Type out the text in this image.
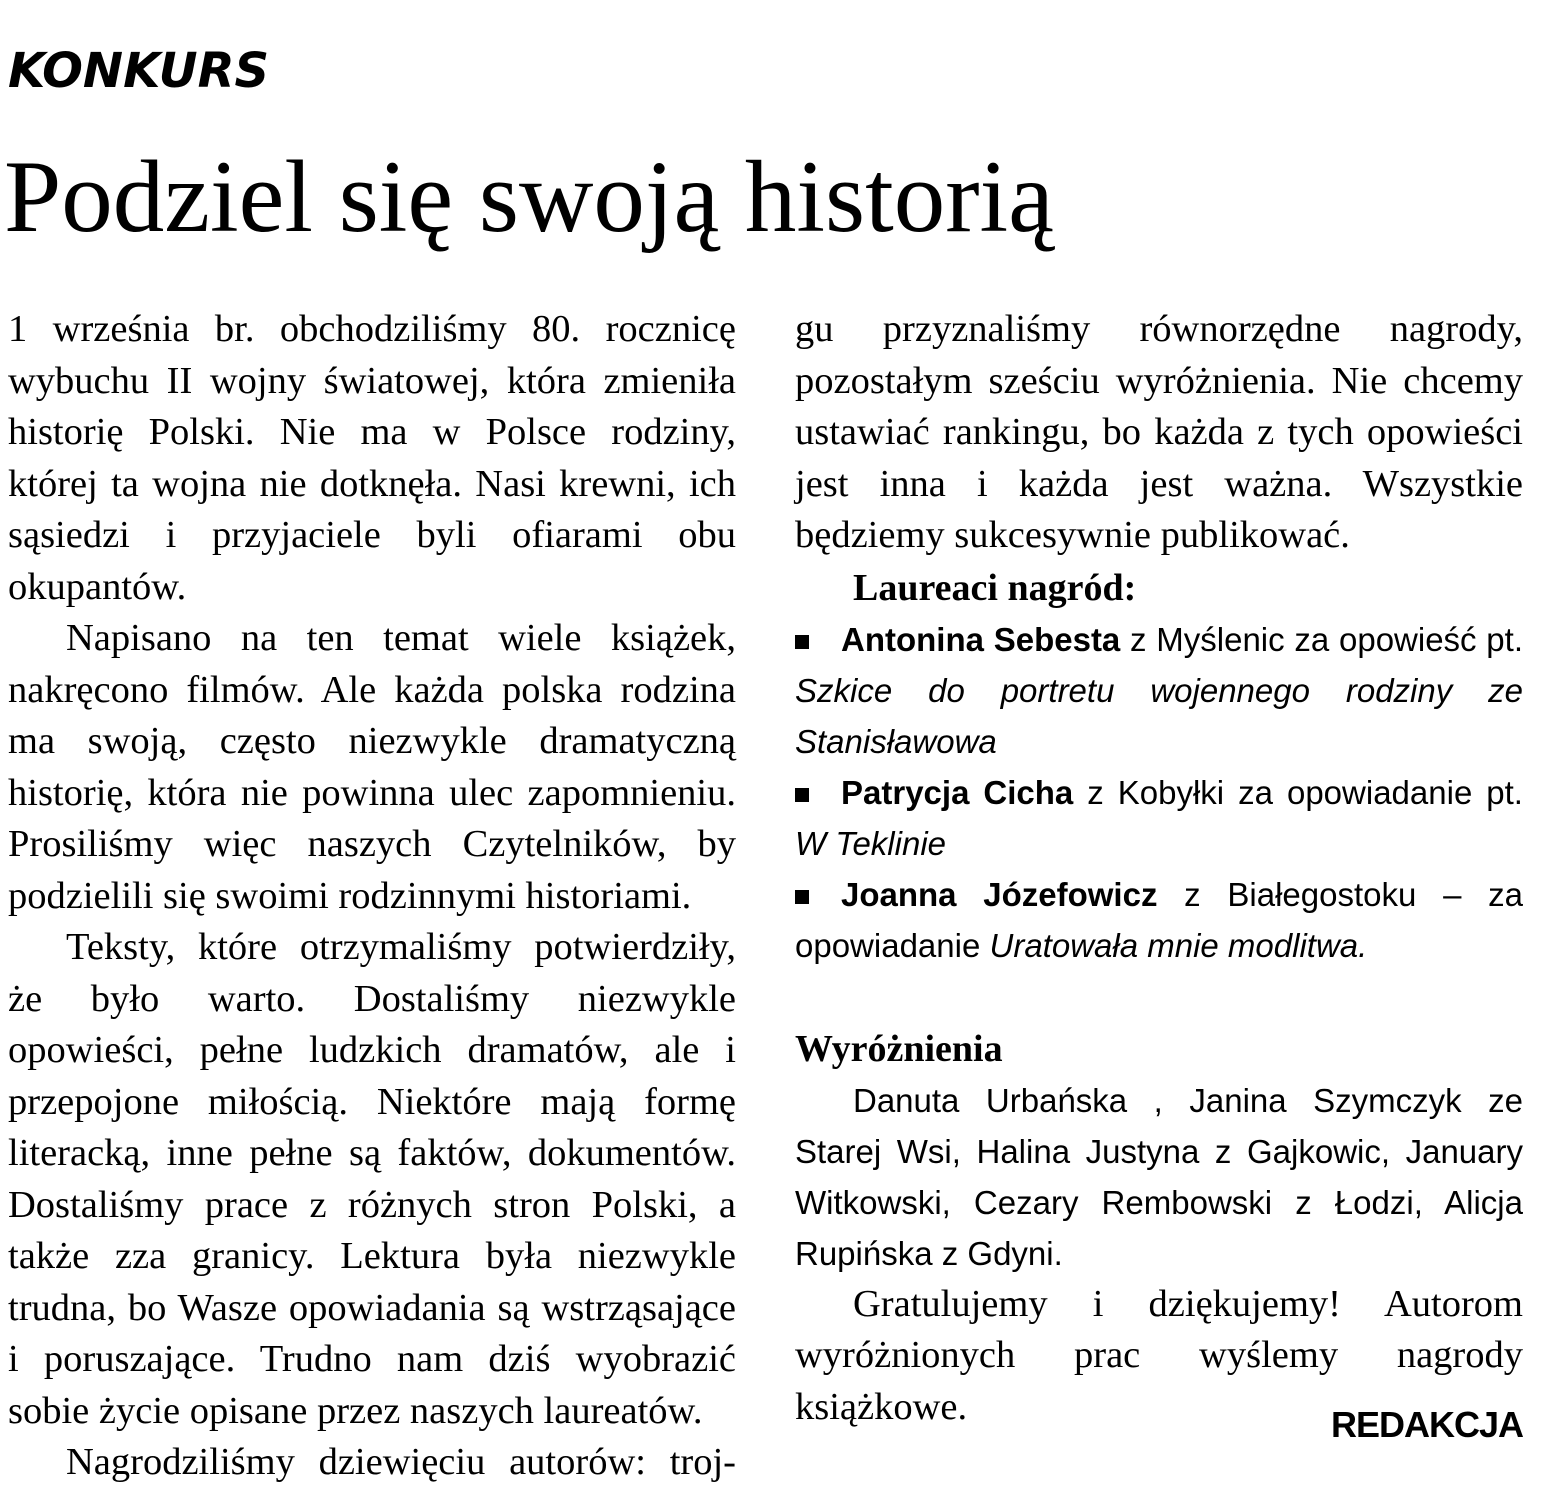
KONKURS
Podziel się swoją historią

1 września br. obchodziliśmy 80. rocznicę wybuchu II wojny światowej, która zmieniła historię Polski. Nie ma w Polsce rodziny, której ta wojna nie dotknęła. Nasi krewni, ich sąsiedzi i przyjaciele byli ofiarami obu okupantów.

Napisano na ten temat wiele książek, nakręcono filmów. Ale każda polska rodzina ma swoją, często niezwykle dramatyczną historię, która nie powinna ulec zapomnieniu. Prosiliśmy więc naszych Czytelników, by podzielili się swoimi rodzinnymi historiami.

Teksty, które otrzymaliśmy potwierdziły, że było warto. Dostaliśmy niezwykle opowieści, pełne ludzkich dramatów, ale i przepojone miłością. Niektóre mają formę literacką, inne pełne są faktów, dokumentów. Dostaliśmy prace z różnych stron Polski, a także zza granicy. Lektura była niezwykle trudna, bo Wasze opowiadania są wstrząsające i poruszające. Trudno nam dziś wyobrazić sobie życie opisane przez naszych laureatów.

Nagrodziliśmy dziewięciu autorów: troj-

gu przyznaliśmy równorzędne nagrody, pozostałym sześciu wyróżnienia. Nie chcemy ustawiać rankingu, bo każda z tych opowieści jest inna i każda jest ważna. Wszystkie będziemy sukcesywnie publikować.

Laureaci nagród:

Antonina Sebesta z Myślenic za opowieść pt. Szkice do portretu wojennego rodziny ze Stanisławowa

Patrycja Cicha z Kobyłki za opowiadanie pt. W Teklinie

Joanna Józefowicz z Białegostoku – za opowiadanie Uratowała mnie modlitwa.

Wyróżnienia

Danuta Urbańska , Janina Szymczyk ze Starej Wsi, Halina Justyna z Gajkowic, January Witkowski, Cezary Rembowski z Łodzi, Alicja Rupińska z Gdyni.

Gratulujemy i dziękujemy! Autorom wyróżnionych prac wyślemy nagrody książkowe.	REDAKCJA
